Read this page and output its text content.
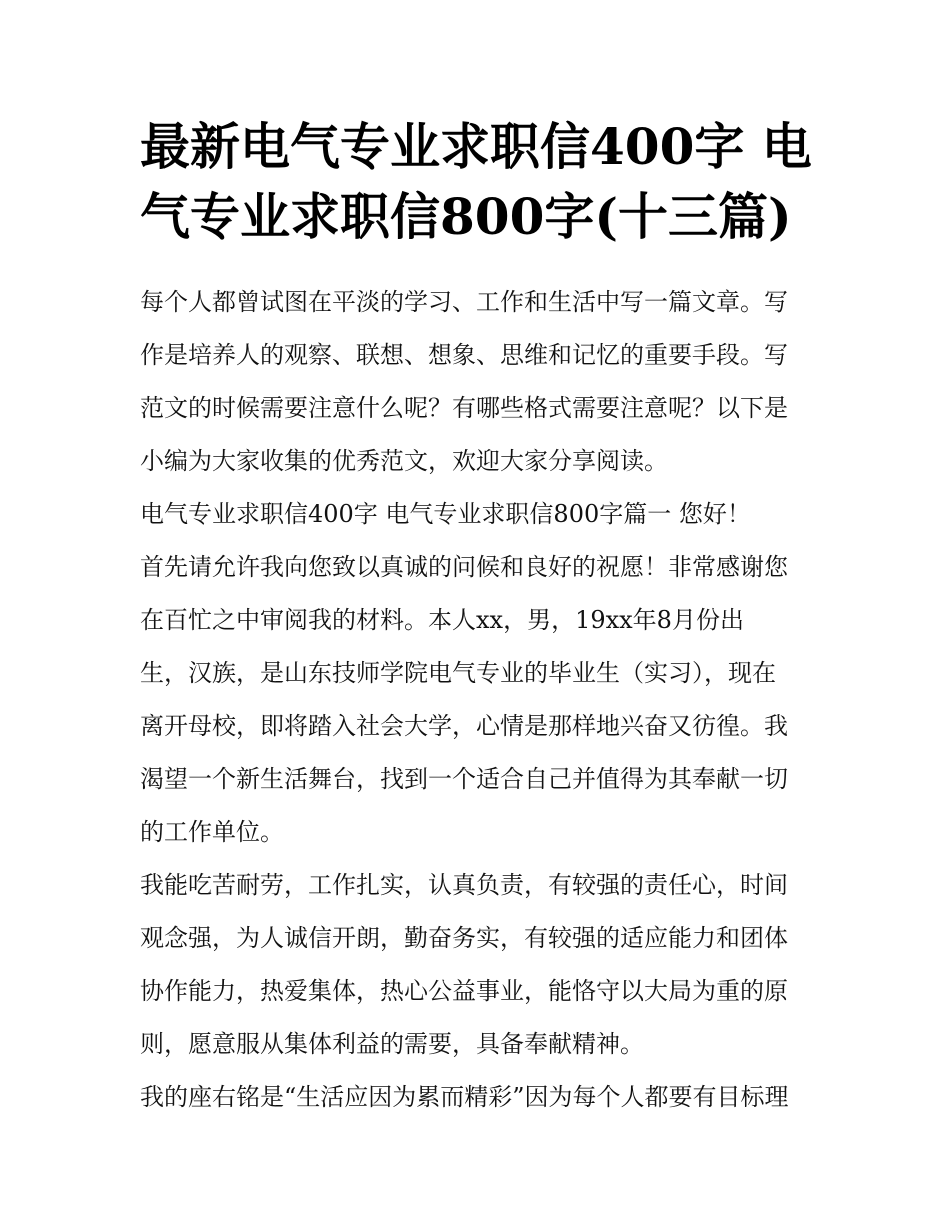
最新电气专业求职信400字 电
气专业求职信800字(十三篇)
每个人都曾试图在平淡的学习、工作和生活中写一篇文章。写
作是培养人的观察、联想、想象、思维和记忆的重要手段。写
范文的时候需要注意什么呢？有哪些格式需要注意呢？以下是
小编为大家收集的优秀范文，欢迎大家分享阅读。
电气专业求职信400字 电气专业求职信800字篇一 您好！
首先请允许我向您致以真诚的问候和良好的祝愿！非常感谢您
在百忙之中审阅我的材料。本人xx，男，19xx年8月份出
生，汉族，是山东技师学院电气专业的毕业生（实习），现在
离开母校，即将踏入社会大学，心情是那样地兴奋又彷徨。我
渴望一个新生活舞台，找到一个适合自己并值得为其奉献一切
的工作单位。
我能吃苦耐劳，工作扎实，认真负责，有较强的责任心，时间
观念强，为人诚信开朗，勤奋务实，有较强的适应能力和团体
协作能力，热爱集体，热心公益事业，能恪守以大局为重的原
则，愿意服从集体利益的需要，具备奉献精神。
我的座右铭是“生活应因为累而精彩”因为每个人都要有目标理
